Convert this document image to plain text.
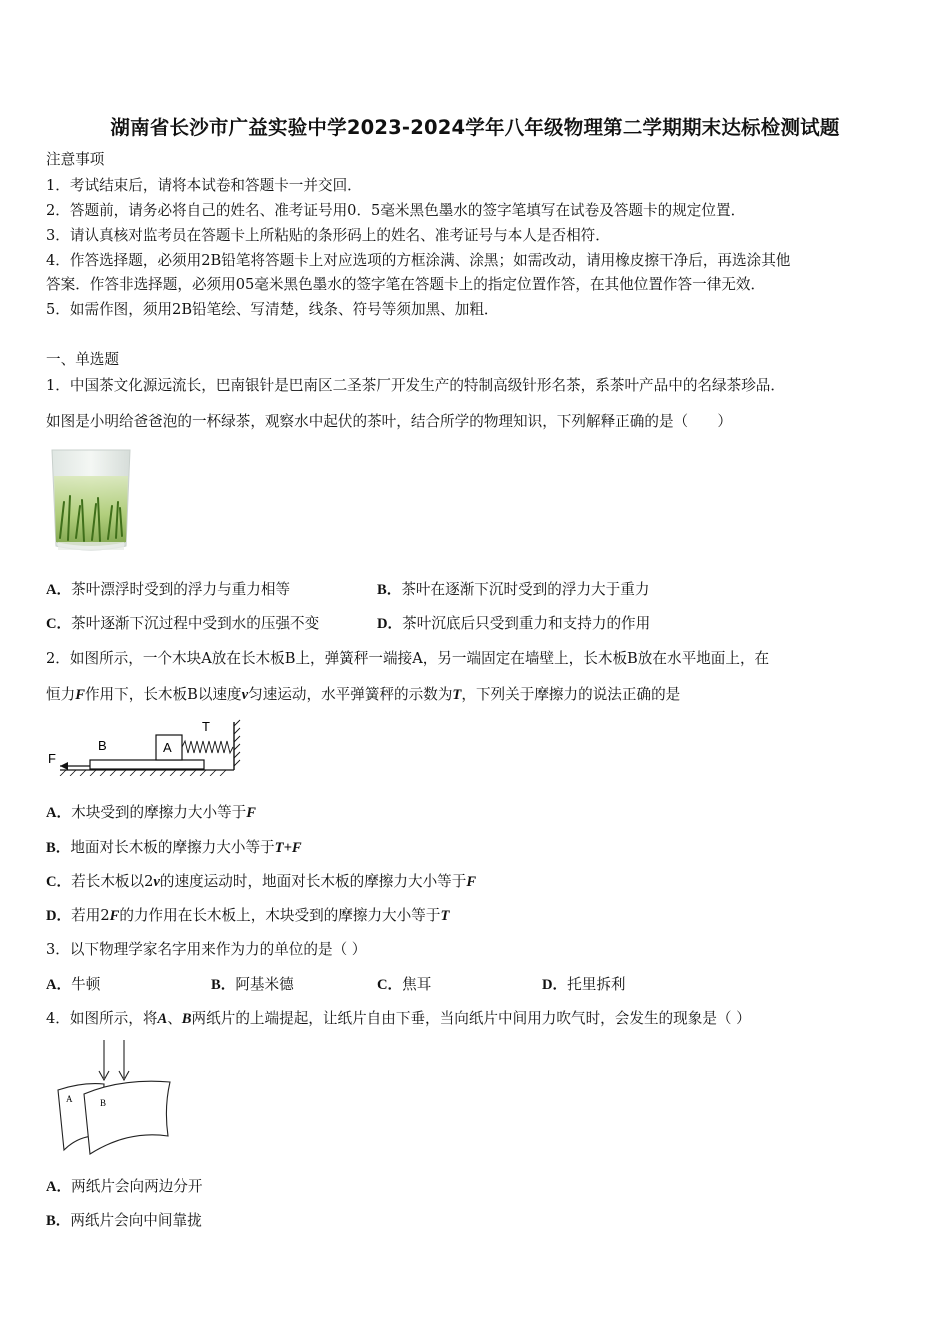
湖南省长沙市广益实验中学2023-2024学年八年级物理第二学期期末达标检测试题
注意事项
1．考试结束后，请将本试卷和答题卡一并交回．
2．答题前，请务必将自己的姓名、准考证号用0．5毫米黑色墨水的签字笔填写在试卷及答题卡的规定位置．
3．请认真核对监考员在答题卡上所粘贴的条形码上的姓名、准考证号与本人是否相符．
4．作答选择题，必须用2B铅笔将答题卡上对应选项的方框涂满、涂黑；如需改动，请用橡皮擦干净后，再选涂其他
答案．作答非选择题，必须用05毫米黑色墨水的签字笔在答题卡上的指定位置作答，在其他位置作答一律无效．
5．如需作图，须用2B铅笔绘、写清楚，线条、符号等须加黑、加粗．
一、单选题
1．中国茶文化源远流长，巴南银针是巴南区二圣茶厂开发生产的特制高级针形名茶，系茶叶产品中的名绿茶珍品．
如图是小明给爸爸泡的一杯绿茶，观察水中起伏的茶叶，结合所学的物理知识，下列解释正确的是（　　）
A．茶叶漂浮时受到的浮力与重力相等	B．茶叶在逐渐下沉时受到的浮力大于重力
C．茶叶逐渐下沉过程中受到水的压强不变	D．茶叶沉底后只受到重力和支持力的作用
2．如图所示，一个木块A放在长木板B上，弹簧秤一端接A，另一端固定在墙壁上，长木板B放在水平地面上，在
恒力F作用下，长木板B以速度v匀速运动，水平弹簧秤的示数为T，下列关于摩擦力的说法正确的是
F
B	A
T
A．木块受到的摩擦力大小等于F
B．地面对长木板的摩擦力大小等于T+F
C．若长木板以2v的速度运动时，地面对长木板的摩擦力大小等于F
D．若用2F的力作用在长木板上，木块受到的摩擦力大小等于T
3．以下物理学家名字用来作为力的单位的是（ ）
A．牛顿	B．阿基米德	C．焦耳	D．托里拆利
4．如图所示，将A、B两纸片的上端提起，让纸片自由下垂，当向纸片中间用力吹气时，会发生的现象是（ ）
A	B
A．两纸片会向两边分开
B．两纸片会向中间靠拢
